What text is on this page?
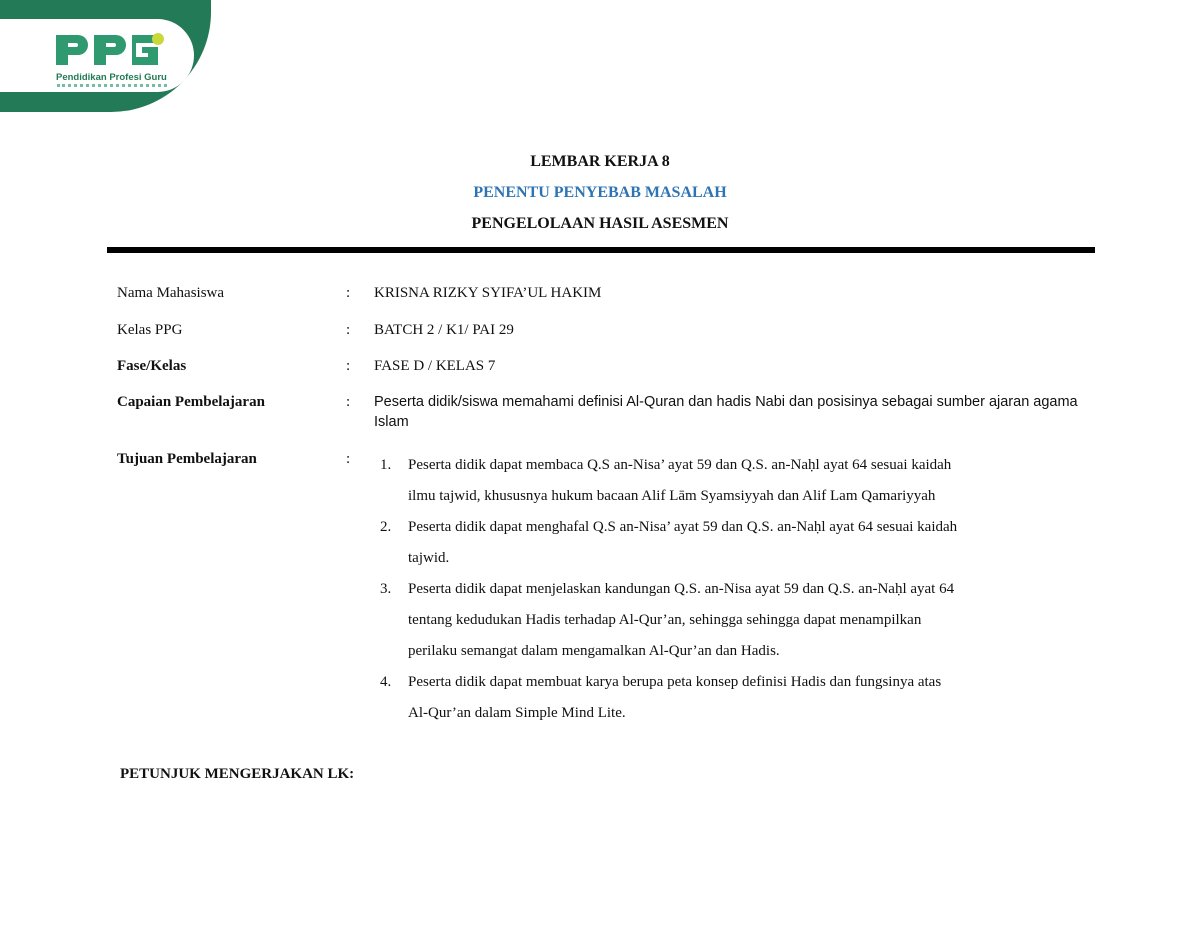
Pendidikan Profesi Guru
LEMBAR KERJA 8
PENENTU PENYEBAB MASALAH
PENGELOLAAN HASIL ASESMEN
Nama Mahasiswa	: KRISNA RIZKY SYIFA’UL HAKIM
Kelas PPG	: BATCH 2 / K1/ PAI 29
Fase/Kelas	: FASE D / KELAS 7
Capaian Pembelajaran	: Peserta didik/siswa memahami definisi Al-Quran dan hadis Nabi dan posisinya sebagai sumber ajaran agama Islam
Tujuan Pembelajaran	: 1. Peserta didik dapat membaca Q.S an-Nisa’ ayat 59 dan Q.S. an-Naḥl ayat 64 sesuai kaidah
ilmu tajwid, khususnya hukum bacaan Alif Lām Syamsiyyah dan Alif Lam Qamariyyah
2. Peserta didik dapat menghafal Q.S an-Nisa’ ayat 59 dan Q.S. an-Naḥl ayat 64 sesuai kaidah
tajwid.
3. Peserta didik dapat menjelaskan kandungan Q.S. an-Nisa ayat 59 dan Q.S. an-Naḥl ayat 64
tentang kedudukan Hadis terhadap Al-Qur’an, sehingga sehingga dapat menampilkan
perilaku semangat dalam mengamalkan Al-Qur’an dan Hadis.
4. Peserta didik dapat membuat karya berupa peta konsep definisi Hadis dan fungsinya atas
Al-Qur’an dalam Simple Mind Lite.
PETUNJUK MENGERJAKAN LK:
